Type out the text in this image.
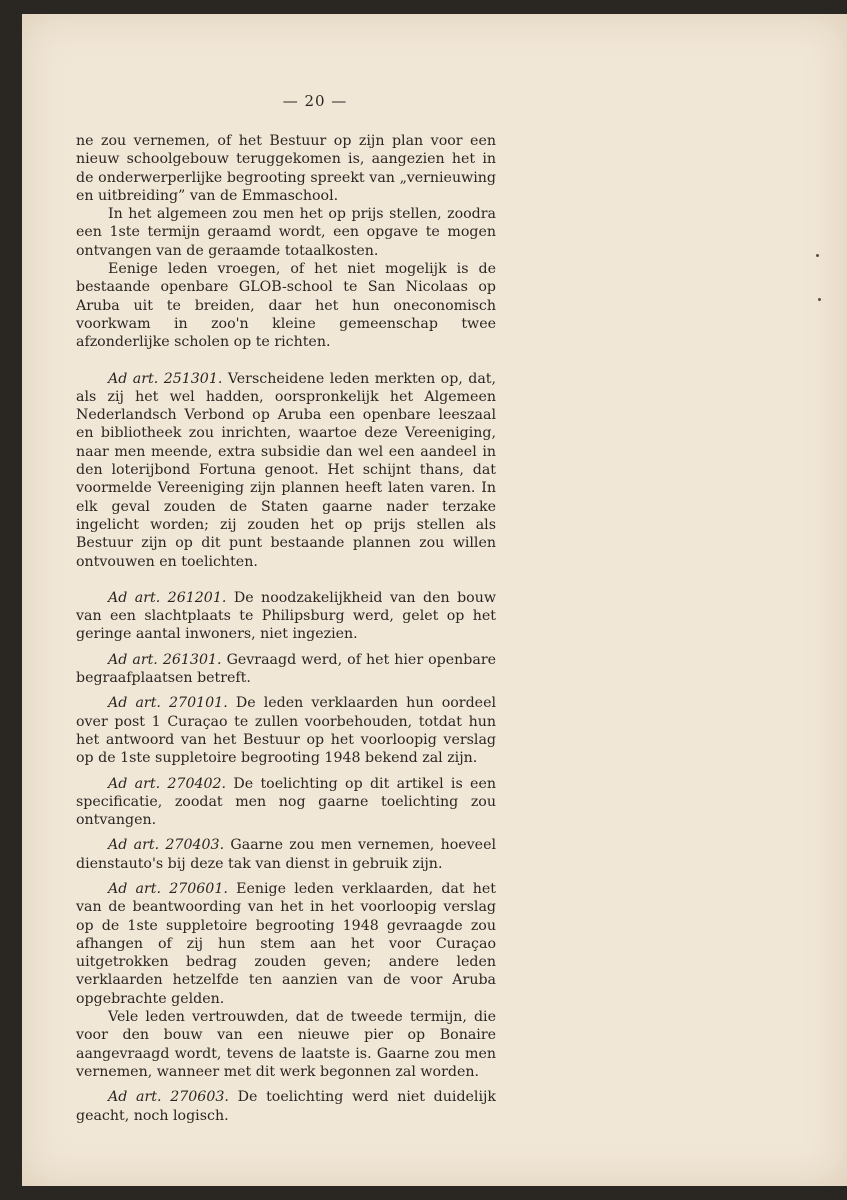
— 20 —

ne zou vernemen, of het Bestuur op zijn plan voor een nieuw schoolgebouw teruggekomen is, aangezien het in de onderwerperlijke begrooting spreekt van „vernieuwing en uitbreiding” van de Emmaschool.

In het algemeen zou men het op prijs stellen, zoodra een 1ste termijn geraamd wordt, een opgave te mogen ontvangen van de geraamde totaalkosten.

Eenige leden vroegen, of het niet mogelijk is de bestaande openbare GLOB-school te San Nicolaas op Aruba uit te breiden, daar het hun oneconomisch voorkwam in zoo'n kleine gemeenschap twee afzonderlijke scholen op te richten.

Ad art. 251301. Verscheidene leden merkten op, dat, als zij het wel hadden, oorspronkelijk het Algemeen Nederlandsch Verbond op Aruba een openbare leeszaal en bibliotheek zou inrichten, waartoe deze Vereeniging, naar men meende, extra subsidie dan wel een aandeel in den loterijbond Fortuna genoot. Het schijnt thans, dat voormelde Vereeniging zijn plannen heeft laten varen. In elk geval zouden de Staten gaarne nader terzake ingelicht worden; zij zouden het op prijs stellen als Bestuur zijn op dit punt bestaande plannen zou willen ontvouwen en toelichten.

Ad art. 261201. De noodzakelijkheid van den bouw van een slachtplaats te Philipsburg werd, gelet op het geringe aantal inwoners, niet ingezien.

Ad art. 261301. Gevraagd werd, of het hier openbare begraafplaatsen betreft.

Ad art. 270101. De leden verklaarden hun oordeel over post 1 Curaçao te zullen voorbehouden, totdat hun het antwoord van het Bestuur op het voorloopig verslag op de 1ste suppletoire begrooting 1948 bekend zal zijn.

Ad art. 270402. De toelichting op dit artikel is een specificatie, zoodat men nog gaarne toelichting zou ontvangen.

Ad art. 270403. Gaarne zou men vernemen, hoeveel dienstauto's bij deze tak van dienst in gebruik zijn.

Ad art. 270601. Eenige leden verklaarden, dat het van de beantwoording van het in het voorloopig verslag op de 1ste suppletoire begrooting 1948 gevraagde zou afhangen of zij hun stem aan het voor Curaçao uitgetrokken bedrag zouden geven; andere leden verklaarden hetzelfde ten aanzien van de voor Aruba opgebrachte gelden.

Vele leden vertrouwden, dat de tweede termijn, die voor den bouw van een nieuwe pier op Bonaire aangevraagd wordt, tevens de laatste is. Gaarne zou men vernemen, wanneer met dit werk begonnen zal worden.

Ad art. 270603. De toelichting werd niet duidelijk geacht, noch logisch.
